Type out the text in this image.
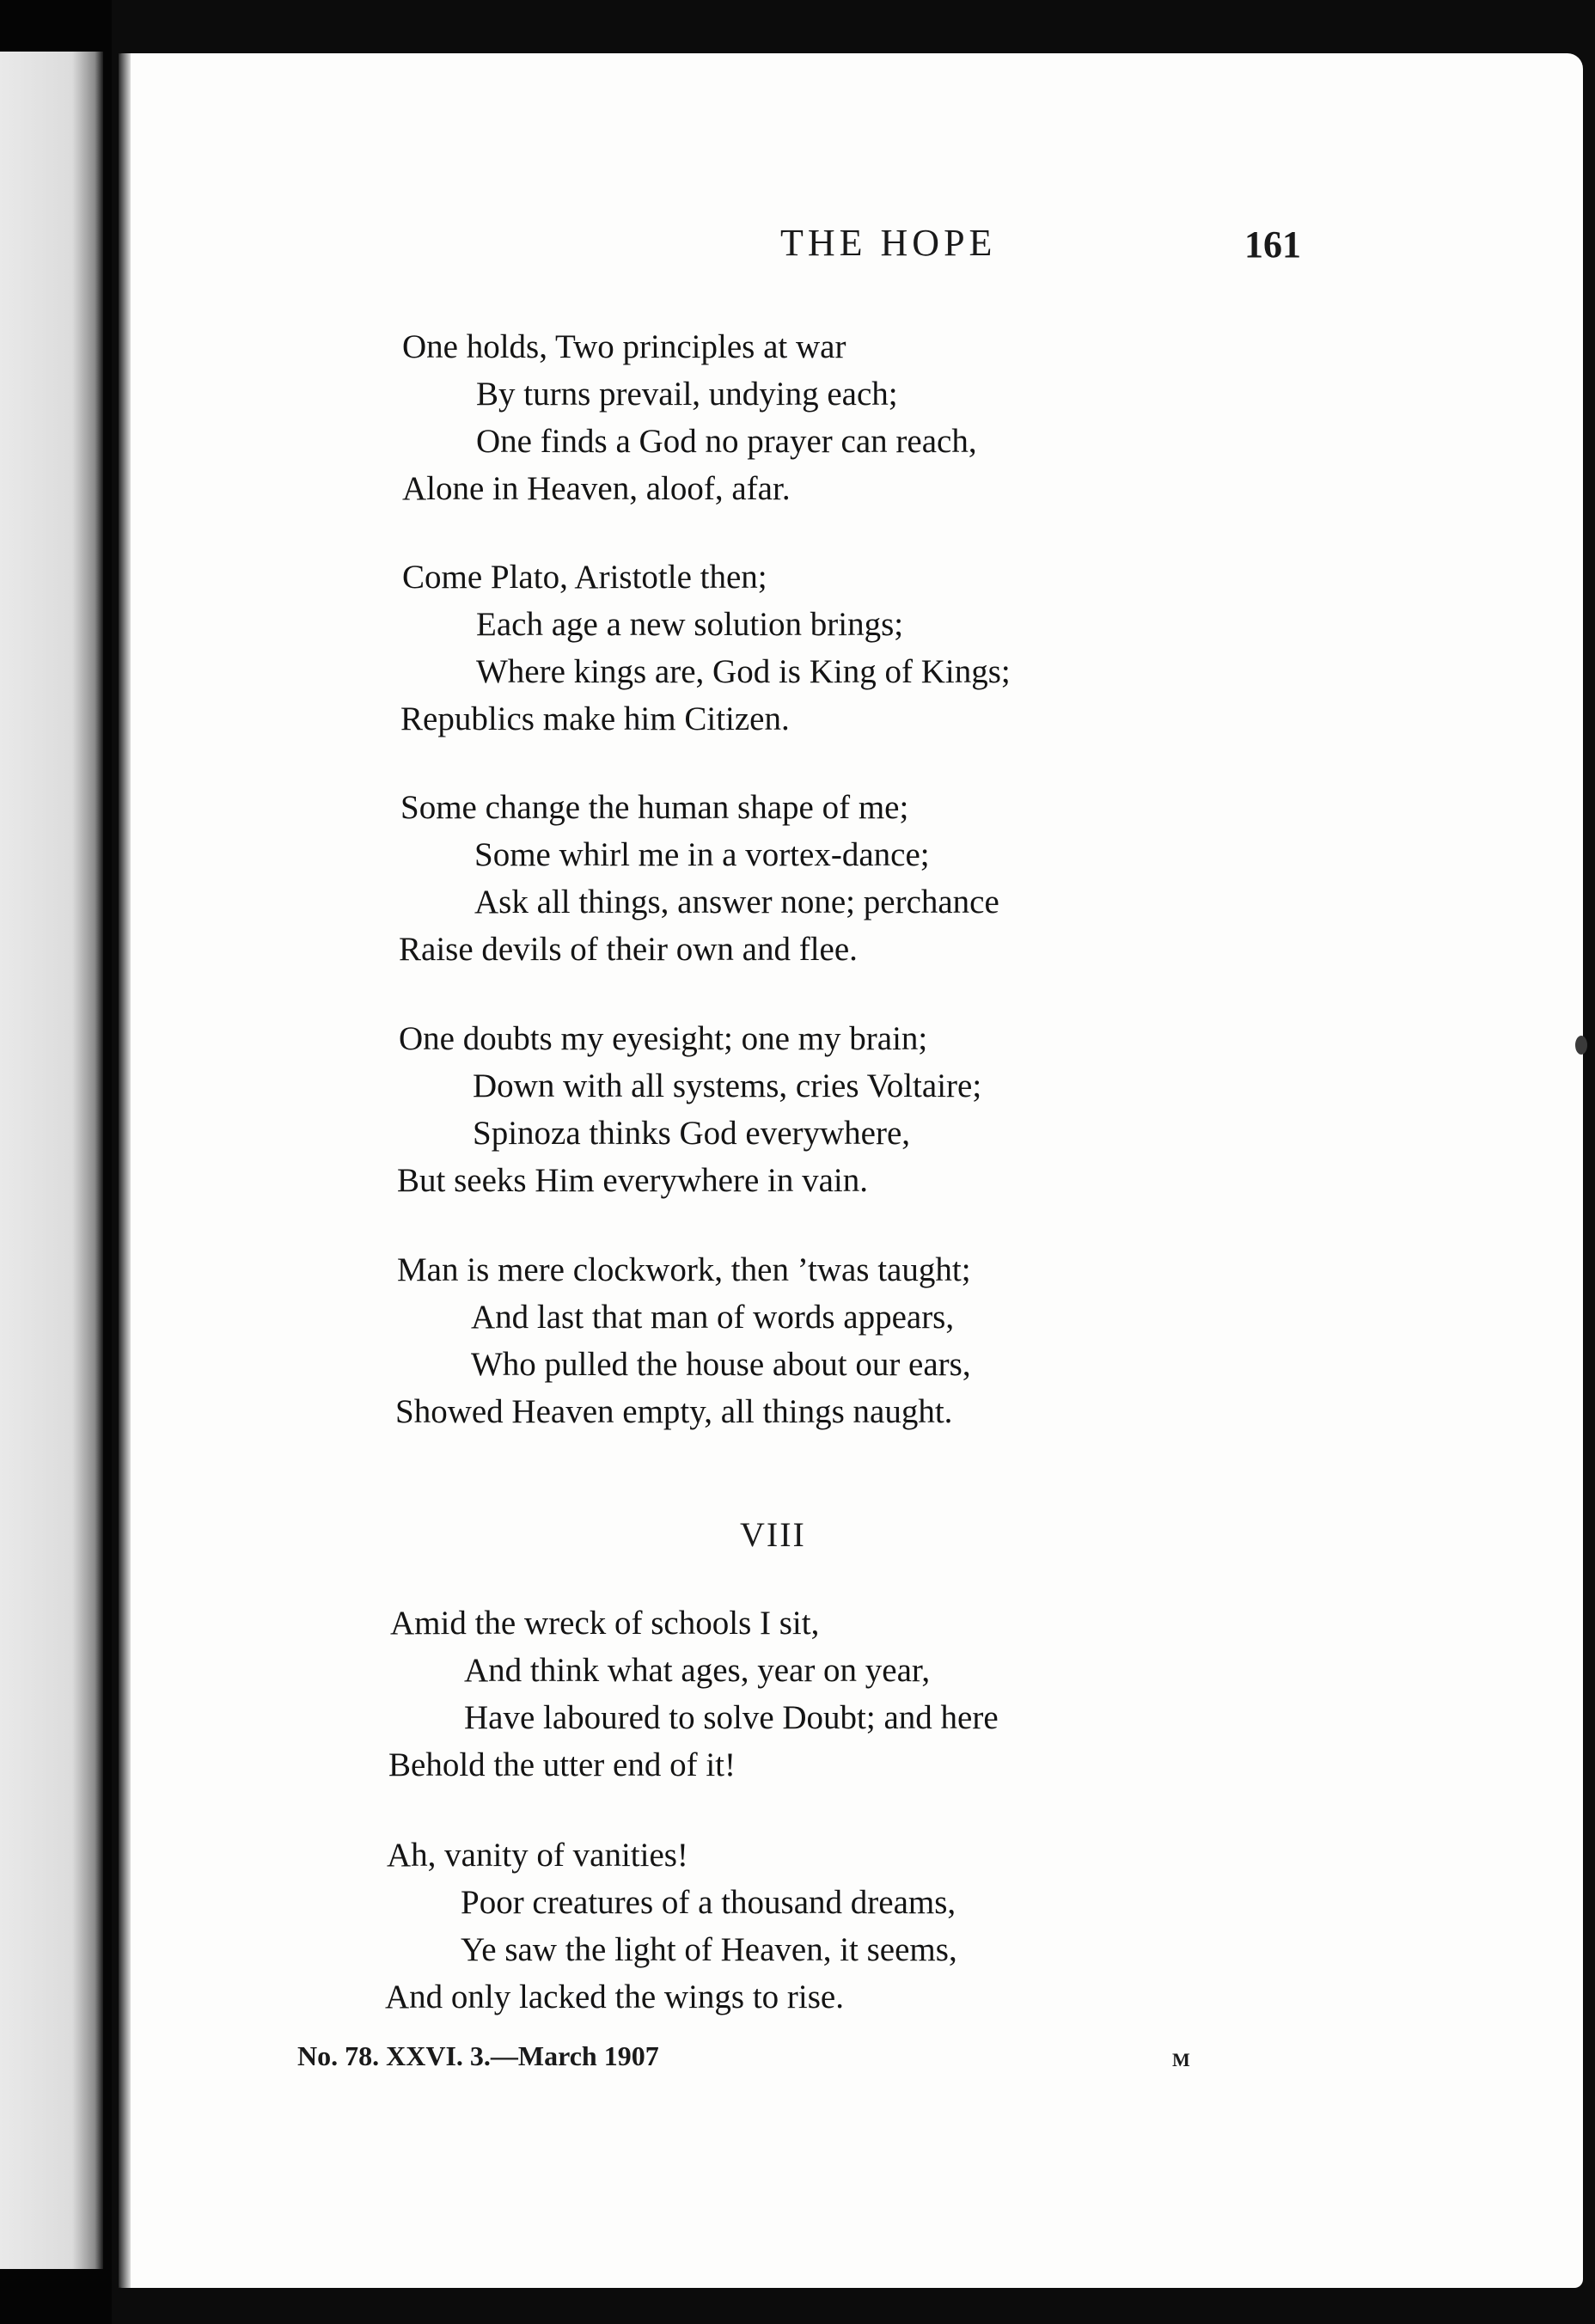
THE HOPE	161
One holds, Two principles at war
By turns prevail, undying each;
One finds a God no prayer can reach,
Alone in Heaven, aloof, afar.
Come Plato, Aristotle then;
Each age a new solution brings;
Where kings are, God is King of Kings;
Republics make him Citizen.
Some change the human shape of me;
Some whirl me in a vortex-dance;
Ask all things, answer none; perchance
Raise devils of their own and flee.
One doubts my eyesight; one my brain;
Down with all systems, cries Voltaire;
Spinoza thinks God everywhere,
But seeks Him everywhere in vain.
Man is mere clockwork, then ’twas taught;
And last that man of words appears,
Who pulled the house about our ears,
Showed Heaven empty, all things naught.
VIII
Amid the wreck of schools I sit,
And think what ages, year on year,
Have laboured to solve Doubt; and here
Behold the utter end of it!
Ah, vanity of vanities!
Poor creatures of a thousand dreams,
Ye saw the light of Heaven, it seems,
And only lacked the wings to rise.
No. 78. XXVI. 3.—March 1907	M
